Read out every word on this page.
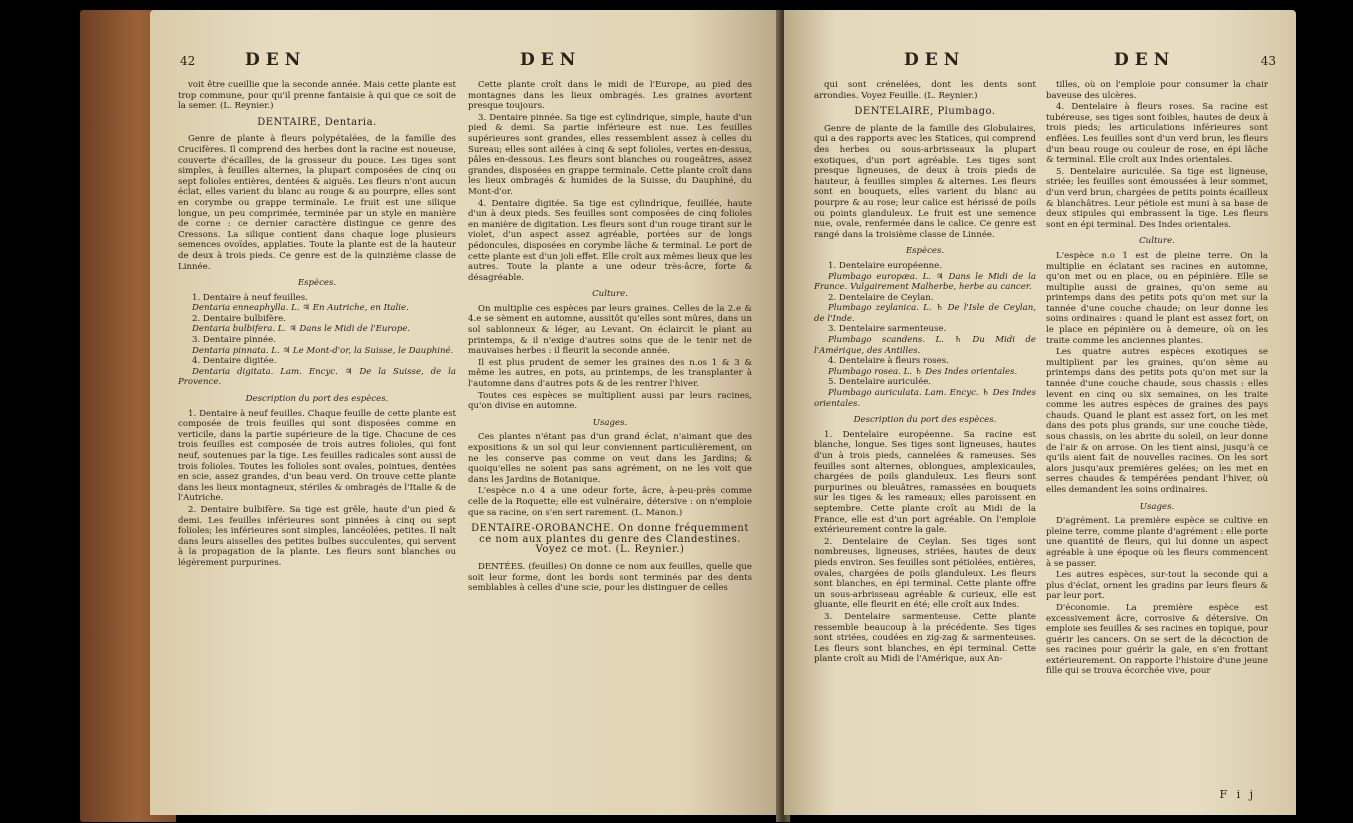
42	DEN	DEN

voit être cueillie que la seconde année. Mais cette plante est trop commune, pour qu'il prenne fantaisie à qui que ce soit de la semer. (L. Reynier.)

DENTAIRE, Dentaria.

Genre de plante à fleurs polypétalées, de la famille des Crucifères. Il comprend des herbes dont la racine est noueuse, couverte d'écailles, de la grosseur du pouce. Les tiges sont simples, à feuilles alternes, la plupart composées de cinq ou sept folioles entières, dentées & aiguës. Les fleurs n'ont aucun éclat, elles varient du blanc au rouge & au pourpre, elles sont en corymbe ou grappe terminale. Le fruit est une silique longue, un peu comprimée, terminée par un style en manière de corne : ce dernier caractère distingue ce genre des Cressons. La silique contient dans chaque loge plusieurs semences ovoïdes, applaties. Toute la plante est de la hauteur de deux à trois pieds. Ce genre est de la quinzième classe de Linnée.

Espèces.

1. Dentaire à neuf feuilles.

Dentaria enneaphylla. L. ♃ En Autriche, en Italie.

2. Dentaire bulbifère.

Dentaria bulbifera. L. ♃ Dans le Midi de l'Europe.

3. Dentaire pinnée.

Dentaria pinnata. L. ♃ Le Mont-d'or, la Suisse, le Dauphiné.

4. Dentaire digitée.

Dentaria digitata. Lam. Encyc. ♃ De la Suisse, de la Provence.

Description du port des espèces.

1. Dentaire à neuf feuilles. Chaque feuille de cette plante est composée de trois feuilles qui sont disposées comme en verticile, dans la partie supérieure de la tige. Chacune de ces trois feuilles est composée de trois autres folioles, qui font neuf, soutenues par la tige. Les feuilles radicales sont aussi de trois folioles. Toutes les folioles sont ovales, pointues, dentées en scie, assez grandes, d'un beau verd. On trouve cette plante dans les lieux montagneux, stériles & ombragés de l'Italie & de l'Autriche.

2. Dentaire bulbifère. Sa tige est grêle, haute d'un pied & demi. Les feuilles inférieures sont pinnées à cinq ou sept folioles; les inférieures sont simples, lancéolées, petites. Il naît dans leurs aisselles des petites bulbes succulentes, qui servent à la propagation de la plante. Les fleurs sont blanches ou légèrement purpurines.

Cette plante croît dans le midi de l'Europe, au pied des montagnes dans les lieux ombragés. Les graines avortent presque toujours.

3. Dentaire pinnée. Sa tige est cylindrique, simple, haute d'un pied & demi. Sa partie inférieure est nue. Les feuilles supérieures sont grandes, elles ressemblent assez à celles du Sureau; elles sont ailées à cinq & sept folioles, vertes en-dessus, pâles en-dessous. Les fleurs sont blanches ou rougeâtres, assez grandes, disposées en grappe terminale. Cette plante croît dans les lieux ombragés & humides de la Suisse, du Dauphiné, du Mont-d'or.

4. Dentaire digitée. Sa tige est cylindrique, feuillée, haute d'un à deux pieds. Ses feuilles sont composées de cinq folioles en manière de digitation. Les fleurs sont d'un rouge tirant sur le violet, d'un aspect assez agréable, portées sur de longs pédoncules, disposées en corymbe lâche & terminal. Le port de cette plante est d'un joli effet. Elle croît aux mêmes lieux que les autres. Toute la plante a une odeur très-âcre, forte & désagréable.

Culture.

On multiplie ces espèces par leurs graines. Celles de la 2.e & 4.e se sèment en automne, aussitôt qu'elles sont mûres, dans un sol sablonneux & léger, au Levant. On éclaircit le plant au printemps, & il n'exige d'autres soins que de le tenir net de mauvaises herbes : il fleurit la seconde année.

Il est plus prudent de semer les graines des n.os 1 & 3 & même les autres, en pots, au printemps, de les transplanter à l'automne dans d'autres pots & de les rentrer l'hiver.

Toutes ces espèces se multiplient aussi par leurs racines, qu'on divise en automne.

Usages.

Ces plantes n'étant pas d'un grand éclat, n'aimant que des expositions & un sol qui leur conviennent particulièrement, on ne les conserve pas comme on veut dans les Jardins; & quoiqu'elles ne soient pas sans agrément, on ne les voit que dans les Jardins de Botanique.

L'espèce n.o 4 a une odeur forte, âcre, à-peu-près comme celle de la Roquette; elle est vulnéraire, détersive : on n'emploie que sa racine, on s'en sert rarement. (L. Manon.)

DENTAIRE-OROBANCHE. On donne fréquemment ce nom aux plantes du genre des Clandestines. Voyez ce mot. (L. Reynier.)

DENTÉES. (feuilles) On donne ce nom aux feuilles, quelle que soit leur forme, dont les bords sont terminés par des dents semblables à celles d'une scie, pour les distinguer de celles

DEN	DEN	43

qui sont crénelées, dont les dents sont arrondies. Voyez Feuille. (L. Reynier.)

DENTELAIRE, Plumbago.

Genre de plante de la famille des Globulaires, qui a des rapports avec les Statices, qui comprend des herbes ou sous-arbrisseaux la plupart exotiques, d'un port agréable. Les tiges sont presque ligneuses, de deux à trois pieds de hauteur, à feuilles simples & alternes. Les fleurs sont en bouquets, elles varient du blanc au pourpre & au rose; leur calice est hérissé de poils ou points glanduleux. Le fruit est une semence nue, ovale, renfermée dans le calice. Ce genre est rangé dans la troisième classe de Linnée.

Espèces.

1. Dentelaire européenne.

Plumbago europæa. L. ♃ Dans le Midi de la France. Vulgairement Malherbe, herbe au cancer.

2. Dentelaire de Ceylan.

Plumbago zeylanica. L. ♄ De l'Isle de Ceylan, de l'Inde.

3. Dentelaire sarmenteuse.

Plumbago scandens. L. ♄ Du Midi de l'Amérique, des Antilles.

4. Dentelaire à fleurs roses.

Plumbago rosea. L. ♄ Des Indes orientales.

5. Dentelaire auriculée.

Plumbago auriculata. Lam. Encyc. ♄ Des Indes orientales.

Description du port des espèces.

1. Dentelaire européenne. Sa racine est blanche, longue. Ses tiges sont ligneuses, hautes d'un à trois pieds, cannelées & rameuses. Ses feuilles sont alternes, oblongues, amplexicaules, chargées de poils glanduleux. Les fleurs sont purpurines ou bleuâtres, ramassées en bouquets sur les tiges & les rameaux; elles paroissent en septembre. Cette plante croît au Midi de la France, elle est d'un port agréable. On l'emploie extérieurement contre la gale.

2. Dentelaire de Ceylan. Ses tiges sont nombreuses, ligneuses, striées, hautes de deux pieds environ. Ses feuilles sont pétiolées, entières, ovales, chargées de poils glanduleux. Les fleurs sont blanches, en épi terminal. Cette plante offre un sous-arbrisseau agréable & curieux, elle est gluante, elle fleurit en été; elle croît aux Indes.

3. Dentelaire sarmenteuse. Cette plante ressemble beaucoup à la précédente. Ses tiges sont striées, coudées en zig-zag & sarmenteuses. Les fleurs sont blanches, en épi terminal. Cette plante croît au Midi de l'Amérique, aux An-

tilles, où on l'emploie pour consumer la chair baveuse des ulcères.

4. Dentelaire à fleurs roses. Sa racine est tubéreuse, ses tiges sont foibles, hautes de deux à trois pieds; les articulations inférieures sont enflées. Les feuilles sont d'un verd brun, les fleurs d'un beau rouge ou couleur de rose, en épi lâche & terminal. Elle croît aux Indes orientales.

5. Dentelaire auriculée. Sa tige est ligneuse, striée; les feuilles sont émoussées à leur sommet, d'un verd brun, chargées de petits points écailleux & blanchâtres. Leur pétiole est muni à sa base de deux stipules qui embrassent la tige. Les fleurs sont en épi terminal. Des Indes orientales.

Culture.

L'espèce n.o 1 est de pleine terre. On la multiplie en éclatant ses racines en automne, qu'on met ou en place, ou en pépinière. Elle se multiplie aussi de graines, qu'on seme au printemps dans des petits pots qu'on met sur la tannée d'une couche chaude; on leur donne les soins ordinaires : quand le plant est assez fort, on le place en pépinière ou à demeure, où on les traite comme les anciennes plantes.

Les quatre autres espèces exotiques se multiplient par les graines, qu'on sème au printemps dans des petits pots qu'on met sur la tannée d'une couche chaude, sous chassis : elles levent en cinq ou six semaines, on les traite comme les autres espèces de graines des pays chauds. Quand le plant est assez fort, on les met dans des pots plus grands, sur une couche tiède, sous chassis, on les abrite du soleil, on leur donne de l'air & on arrose. On les tient ainsi, jusqu'à ce qu'ils aient fait de nouvelles racines. On les sort alors jusqu'aux premières gelées; on les met en serres chaudes & tempérées pendant l'hiver, où elles demandent les soins ordinaires.

Usages.

D'agrément. La première espèce se cultive en pleine terre, comme plante d'agrément : elle porte une quantité de fleurs, qui lui donne un aspect agréable à une époque où les fleurs commencent à se passer.

Les autres espèces, sur-tout la seconde qui a plus d'éclat, ornent les gradins par leurs fleurs & par leur port.

D'économie. La première espèce est excessivement âcre, corrosive & détersive. On emploie ses feuilles & ses racines en topique, pour guérir les cancers. On se sert de la décoction de ses racines pour guérir la gale, en s'en frottant extérieurement. On rapporte l'histoire d'une jeune fille qui se trouva écorchée vive, pour

F i j
